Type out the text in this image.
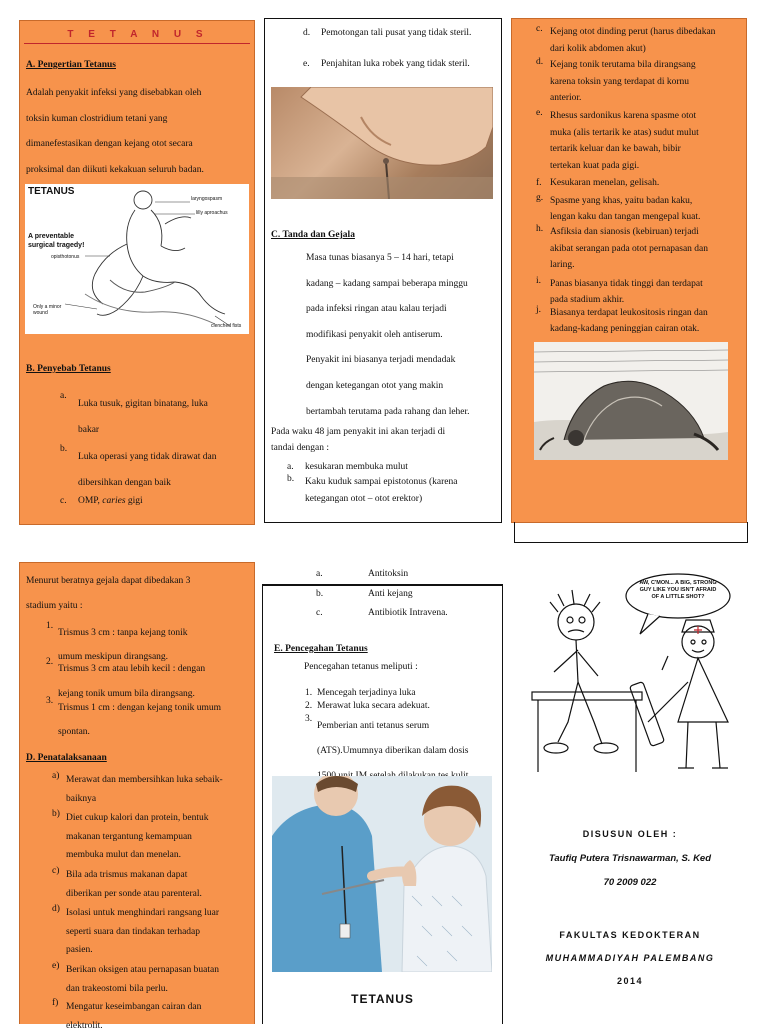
T E T A N U S
A. Pengertian Tetanus

Adalah penyakit infeksi yang disebabkan oleh

toksin kuman clostridium tetani yang

dimanefestasikan dengan kejang otot secara

proksimal dan diikuti kekakuan seluruh badan.

TETANUS
A preventable
surgical tragedy!
laryngospasm
lilly aproachus
opisthotonus
Only a minor wound
clenched fists
B. Penyebab Tetanus
a.

Luka tusuk, gigitan binatang, luka

bakar

b.

Luka operasi yang tidak dirawat dan

dibersihkan dengan baik

c. OMP, caries gigi

d. Pemotongan tali pusat yang tidak steril.
e. Penjahitan luka robek yang tidak steril.
C. Tanda dan Gejala

Masa tunas biasanya 5 – 14 hari, tetapi

kadang – kadang sampai beberapa minggu

pada infeksi ringan atau kalau terjadi

modifikasi penyakit oleh antiserum.

Penyakit ini biasanya terjadi mendadak

dengan ketegangan otot yang makin

bertambah terutama pada rahang dan leher.

Pada waku 48 jam penyakit ini akan terjadi di

tandai dengan :

a. kesukaran membuka mulut
b. Kaku kuduk sampai epistotonus (karena

ketegangan otot – otot erektor)

c. Kejang otot dinding perut (harus dibedakan

dari kolik abdomen akut)

d. Kejang tonik terutama bila dirangsang

karena toksin yang terdapat di kornu

anterior.

e. Rhesus sardonikus karena spasme otot

muka (alis tertarik ke atas) sudut mulut

tertarik keluar dan ke bawah, bibir

tertekan kuat pada gigi.

f. Kesukaran menelan, gelisah.
g. Spasme yang khas, yaitu badan kaku,

lengan kaku dan tangan mengepal kuat.

h. Asfiksia dan sianosis (kebiruan) terjadi

akibat serangan pada otot pernapasan dan

laring.

i. Panas biasanya tidak tinggi dan terdapat

pada stadium akhir.

j. Biasanya terdapat leukositosis ringan dan

kadang-kadang peninggian cairan otak.

Menurut beratnya gejala dapat dibedakan 3

stadium yaitu :

1.

Trismus 3 cm : tanpa kejang tonik

umum meskipun dirangsang.

2.

Trismus 3 cm atau lebih kecil : dengan

kejang tonik umum bila dirangsang.

3.

Trismus 1 cm : dengan kejang tonik umum

spontan.

D. Penatalaksanaan
a) Merawat dan membersihkan luka sebaik-

baiknya

b) Diet cukup kalori dan protein, bentuk

makanan tergantung kemampuan

membuka mulut dan menelan.

c) Bila ada trismus makanan dapat

diberikan per sonde atau parenteral.

d) Isolasi untuk menghindari rangsang luar

seperti suara dan tindakan terhadap

pasien.

e) Berikan oksigen atau pernapasan buatan

dan trakeostomi bila perlu.

f) Mengatur keseimbangan cairan dan

elektrolit.

a.	Antitoksin
b.	Anti kejang
c.	Antibiotik Intravena.
E. Pencegahan Tetanus
Pencegahan tetanus meliputi :
1. Mencegah terjadinya luka
2. Merawat luka secara adekuat.
3.

Pemberian anti tetanus serum

(ATS).Umumnya diberikan dalam dosis

TETANUS
AW, C'MON... A BIG, STRONG
GUY LIKE YOU ISN'T AFRAID
OF A LITTLE SHOT?
DISUSUN OLEH :
Taufiq Putera Trisnawarman, S. Ked
70 2009 022
FAKULTAS KEDOKTERAN
MUHAMMADIYAH PALEMBANG
2014
